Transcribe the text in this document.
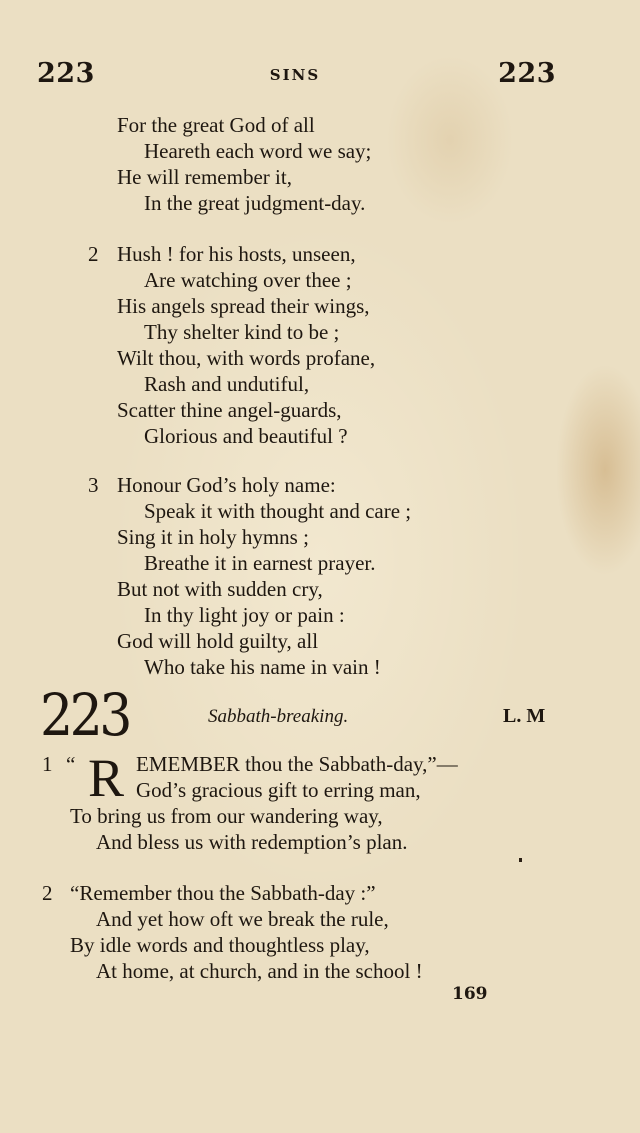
223	SINS	223
For the great God of all
Heareth each word we say;
He will remember it,
In the great judgment-day.
2 Hush ! for his hosts, unseen,
Are watching over thee ;
His angels spread their wings,
Thy shelter kind to be ;
Wilt thou, with words profane,
Rash and undutiful,
Scatter thine angel-guards,
Glorious and beautiful ?
3 Honour God’s holy name:
Speak it with thought and care ;
Sing it in holy hymns ;
Breathe it in earnest prayer.
But not with sudden cry,
In thy light joy or pain :
God will hold guilty, all
Who take his name in vain !
223	Sabbath-breaking.	L. M
R
1 “	EMEMBER thou the Sabbath-day,”—
God’s gracious gift to erring man,
To bring us from our wandering way,
And bless us with redemption’s plan.
2 “Remember thou the Sabbath-day :”
And yet how oft we break the rule,
By idle words and thoughtless play,
At home, at church, and in the school !
169
